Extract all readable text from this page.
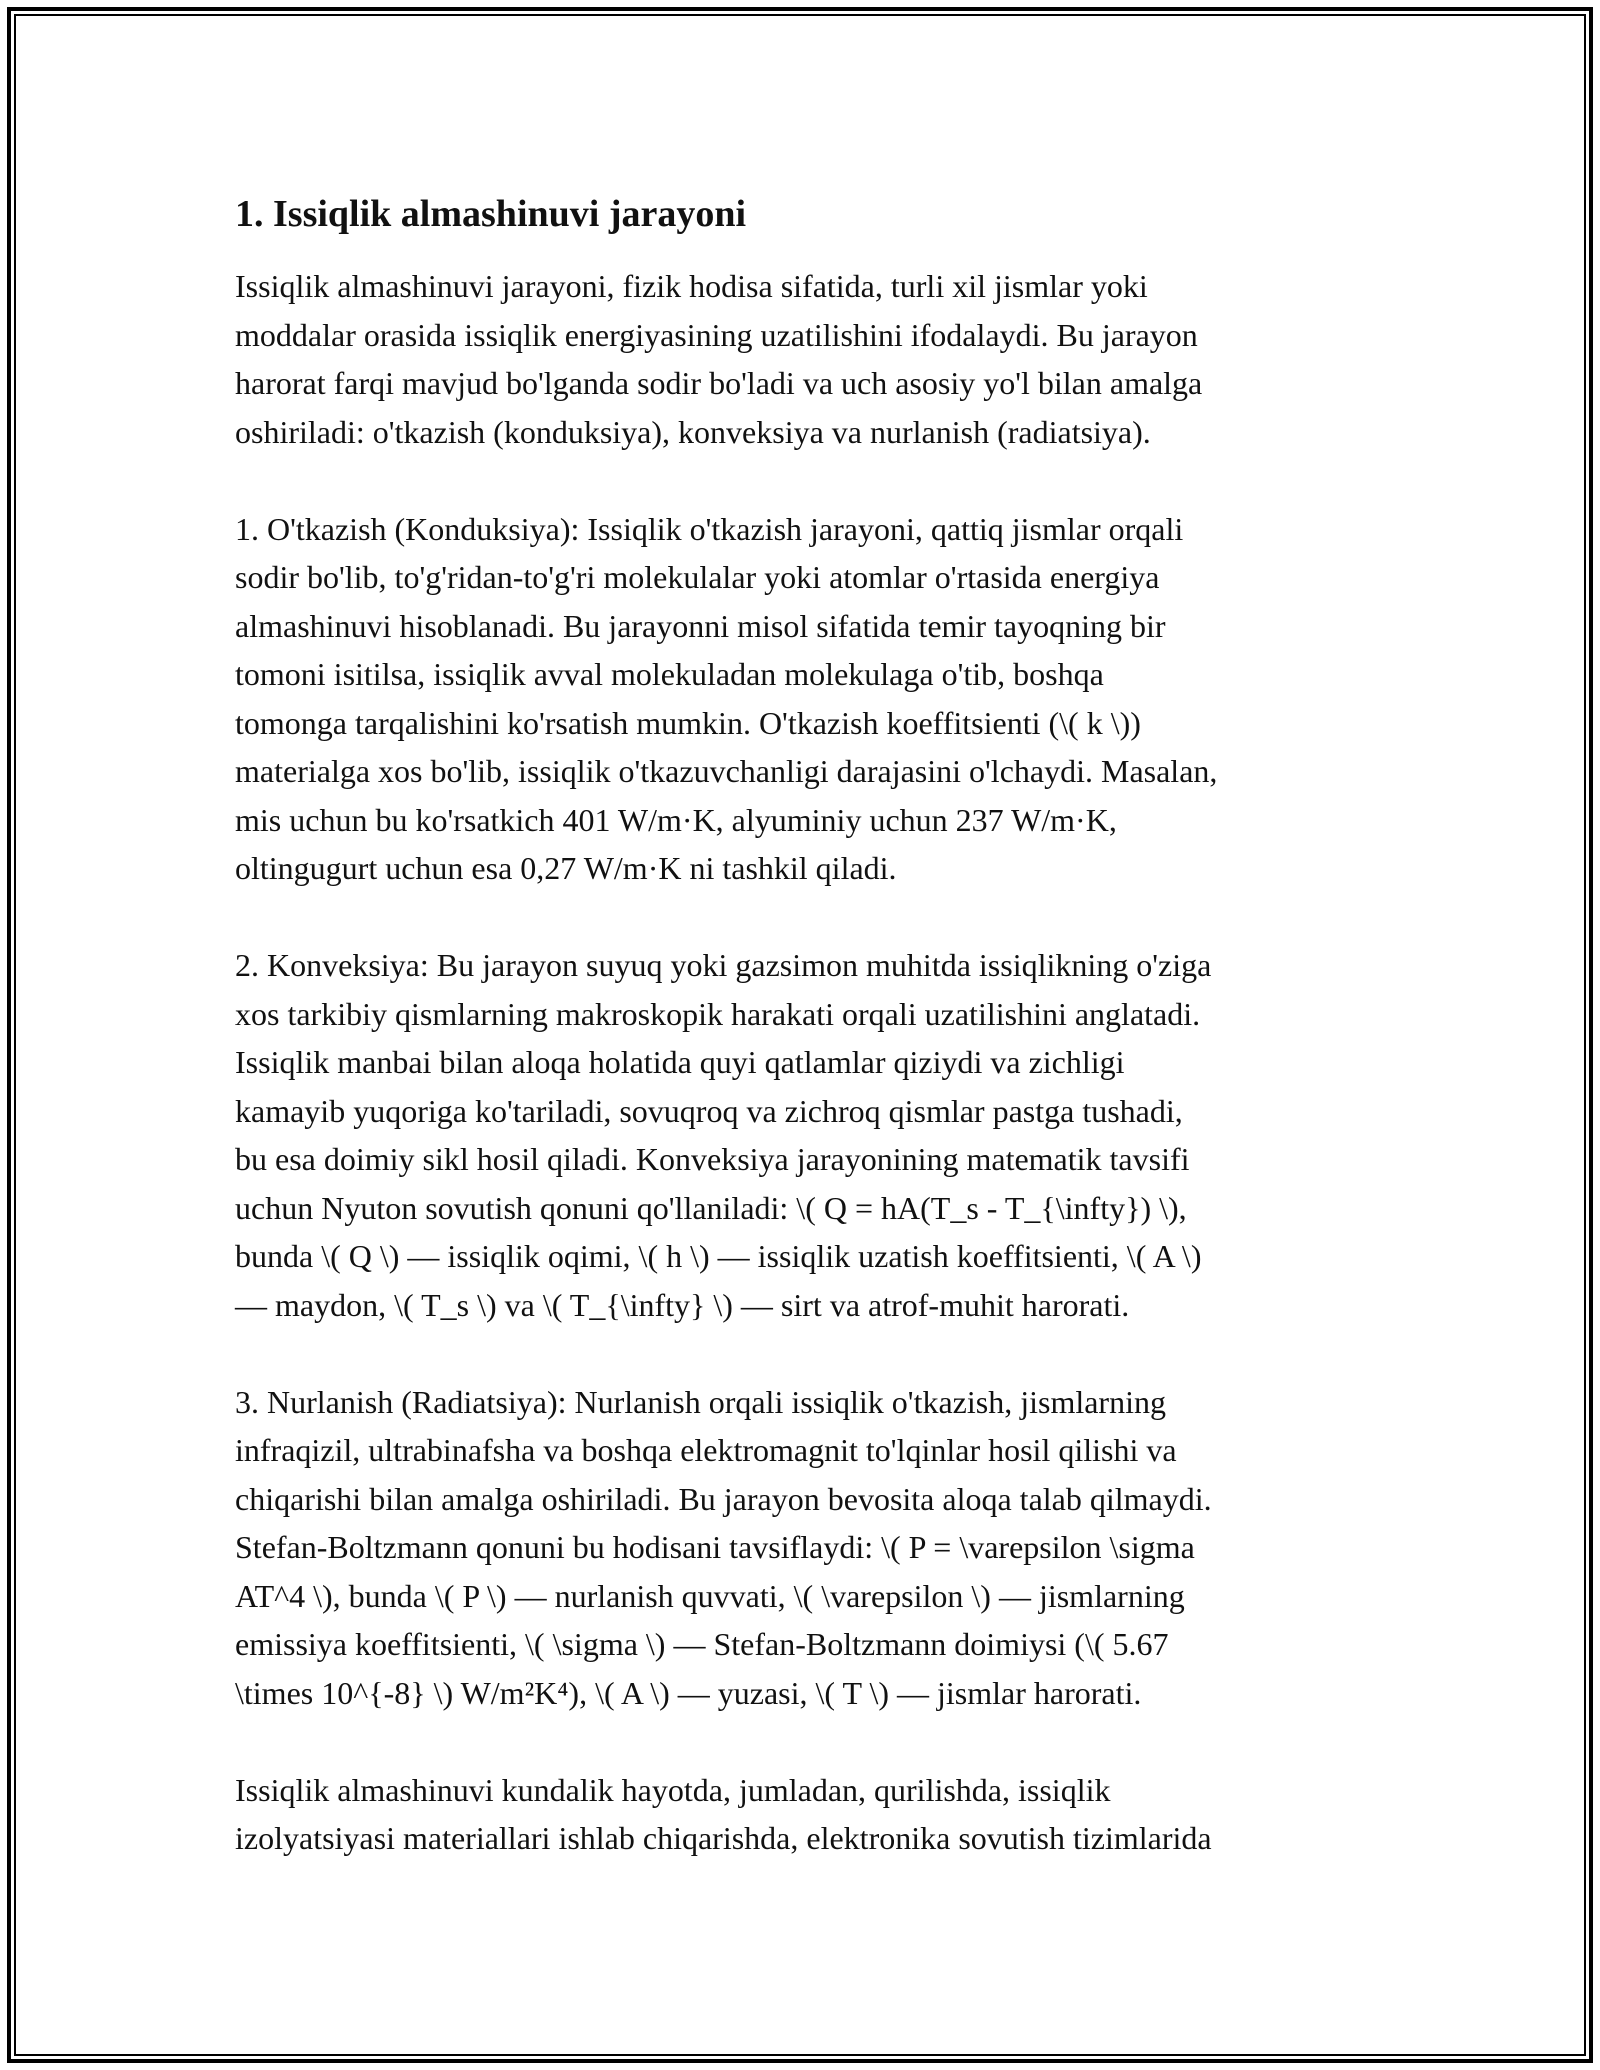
1. Issiqlik almashinuvi jarayoni

Issiqlik almashinuvi jarayoni, fizik hodisa sifatida, turli xil jismlar yoki
moddalar orasida issiqlik energiyasining uzatilishini ifodalaydi. Bu jarayon
harorat farqi mavjud bo'lganda sodir bo'ladi va uch asosiy yo'l bilan amalga
oshiriladi: o'tkazish (konduksiya), konveksiya va nurlanish (radiatsiya).

1. O'tkazish (Konduksiya): Issiqlik o'tkazish jarayoni, qattiq jismlar orqali
sodir bo'lib, to'g'ridan-to'g'ri molekulalar yoki atomlar o'rtasida energiya
almashinuvi hisoblanadi. Bu jarayonni misol sifatida temir tayoqning bir
tomoni isitilsa, issiqlik avval molekuladan molekulaga o'tib, boshqa
tomonga tarqalishini ko'rsatish mumkin. O'tkazish koeffitsienti (\( k \))
materialga xos bo'lib, issiqlik o'tkazuvchanligi darajasini o'lchaydi. Masalan,
mis uchun bu ko'rsatkich 401 W/m·K, alyuminiy uchun 237 W/m·K,
oltingugurt uchun esa 0,27 W/m·K ni tashkil qiladi.

2. Konveksiya: Bu jarayon suyuq yoki gazsimon muhitda issiqlikning o'ziga
xos tarkibiy qismlarning makroskopik harakati orqali uzatilishini anglatadi.
Issiqlik manbai bilan aloqa holatida quyi qatlamlar qiziydi va zichligi
kamayib yuqoriga ko'tariladi, sovuqroq va zichroq qismlar pastga tushadi,
bu esa doimiy sikl hosil qiladi. Konveksiya jarayonining matematik tavsifi
uchun Nyuton sovutish qonuni qo'llaniladi: \( Q = hA(T_s - T_{\infty}) \),
bunda \( Q \) — issiqlik oqimi, \( h \) — issiqlik uzatish koeffitsienti, \( A \)
— maydon, \( T_s \) va \( T_{\infty} \) — sirt va atrof-muhit harorati.

3. Nurlanish (Radiatsiya): Nurlanish orqali issiqlik o'tkazish, jismlarning
infraqizil, ultrabinafsha va boshqa elektromagnit to'lqinlar hosil qilishi va
chiqarishi bilan amalga oshiriladi. Bu jarayon bevosita aloqa talab qilmaydi.
Stefan-Boltzmann qonuni bu hodisani tavsiflaydi: \( P = \varepsilon \sigma
AT^4 \), bunda \( P \) — nurlanish quvvati, \( \varepsilon \) — jismlarning
emissiya koeffitsienti, \( \sigma \) — Stefan-Boltzmann doimiysi (\( 5.67
\times 10^{-8} \) W/m²K⁴), \( A \) — yuzasi, \( T \) — jismlar harorati.

Issiqlik almashinuvi kundalik hayotda, jumladan, qurilishda, issiqlik
izolyatsiyasi materiallari ishlab chiqarishda, elektronika sovutish tizimlarida
